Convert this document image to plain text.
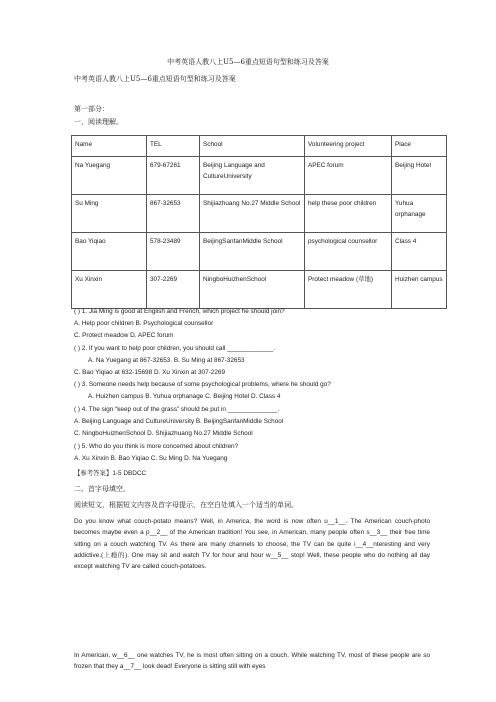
中考英语人教八上U5—6重点短语句型和练习及答案
中考英语人教八上U5—6重点短语句型和练习及答案
第一部分：
一、阅读理解。
Name	TEL	School	Volunteering project	Place
Na Yuegang	679-67261	Beijing Language and CultureUniversity	APEC forum	Beijing Hotel
Su Ming	867-32653	Shijiazhuang No.27 Middle School	help these poor children	Yuhua orphanage
Bao Yiqiao	578-23489	BeijingSanfanMiddle School	psychological counsellor	Class 4
Xu Xinxin	307-2269	NingboHuizhenSchool	Protect meadow (草地)	Huizhen campus
( ) 1. Jia Ming is good at English and French, which project he should join?
A. Help poor children B. Psychological counsellor
C. Protect meadow D. APEC forum
( ) 2. If you want to help poor children, you should call _____________.
A. Na Yuegang at 867-32653. B. Su Ming at 867-32653
C. Bao Yiqiao at 632-15698 D. Xu Xinxin at 307-2269
( ) 3. Someone needs help because of some psychological problems, where he should go?
A. Huizhen campus B. Yuhua orphanage C. Beijing Hotel D. Class 4
( ) 4. The sign “keep out of the grass” should be put in ______________.
A. Beijing Language and CultureUniversity B. BeijingSanfanMiddle School
C. NingboHuizhenSchool D. Shijiazhuang No.27 Middle School
( ) 5. Who do you think is more concerned about children?
A. Xu Xinxin B. Bao Yiqiao C. Su Ming D. Na Yuegang
【参考答案】1-5 DBDCC
二、首字母填空。
阅读短文，根据短文内容及首字母提示，在空白处填入一个适当的单词。
Do you know what couch-potato means? Well, in America, the word is now often u__1__. The American couch-photo becomes maybe even a p__2__ of the American tradition! You see, in American, many people often s__3__ their free time sitting on a couch watching TV. As there are many channels to choose, the TV can be quite i__4__nteresting and very addictive.(上瘾的). One may sit and watch TV for hour and hour w__5__ stop! Well, these people who do nothing all day except watching TV are called couch-potatoes.
In American, w__6__ one watches TV, he is most often sitting on a couch. While watching TV, most of these people are so frozen that they a__7__ look dead! Everyone is sitting still with eyes
